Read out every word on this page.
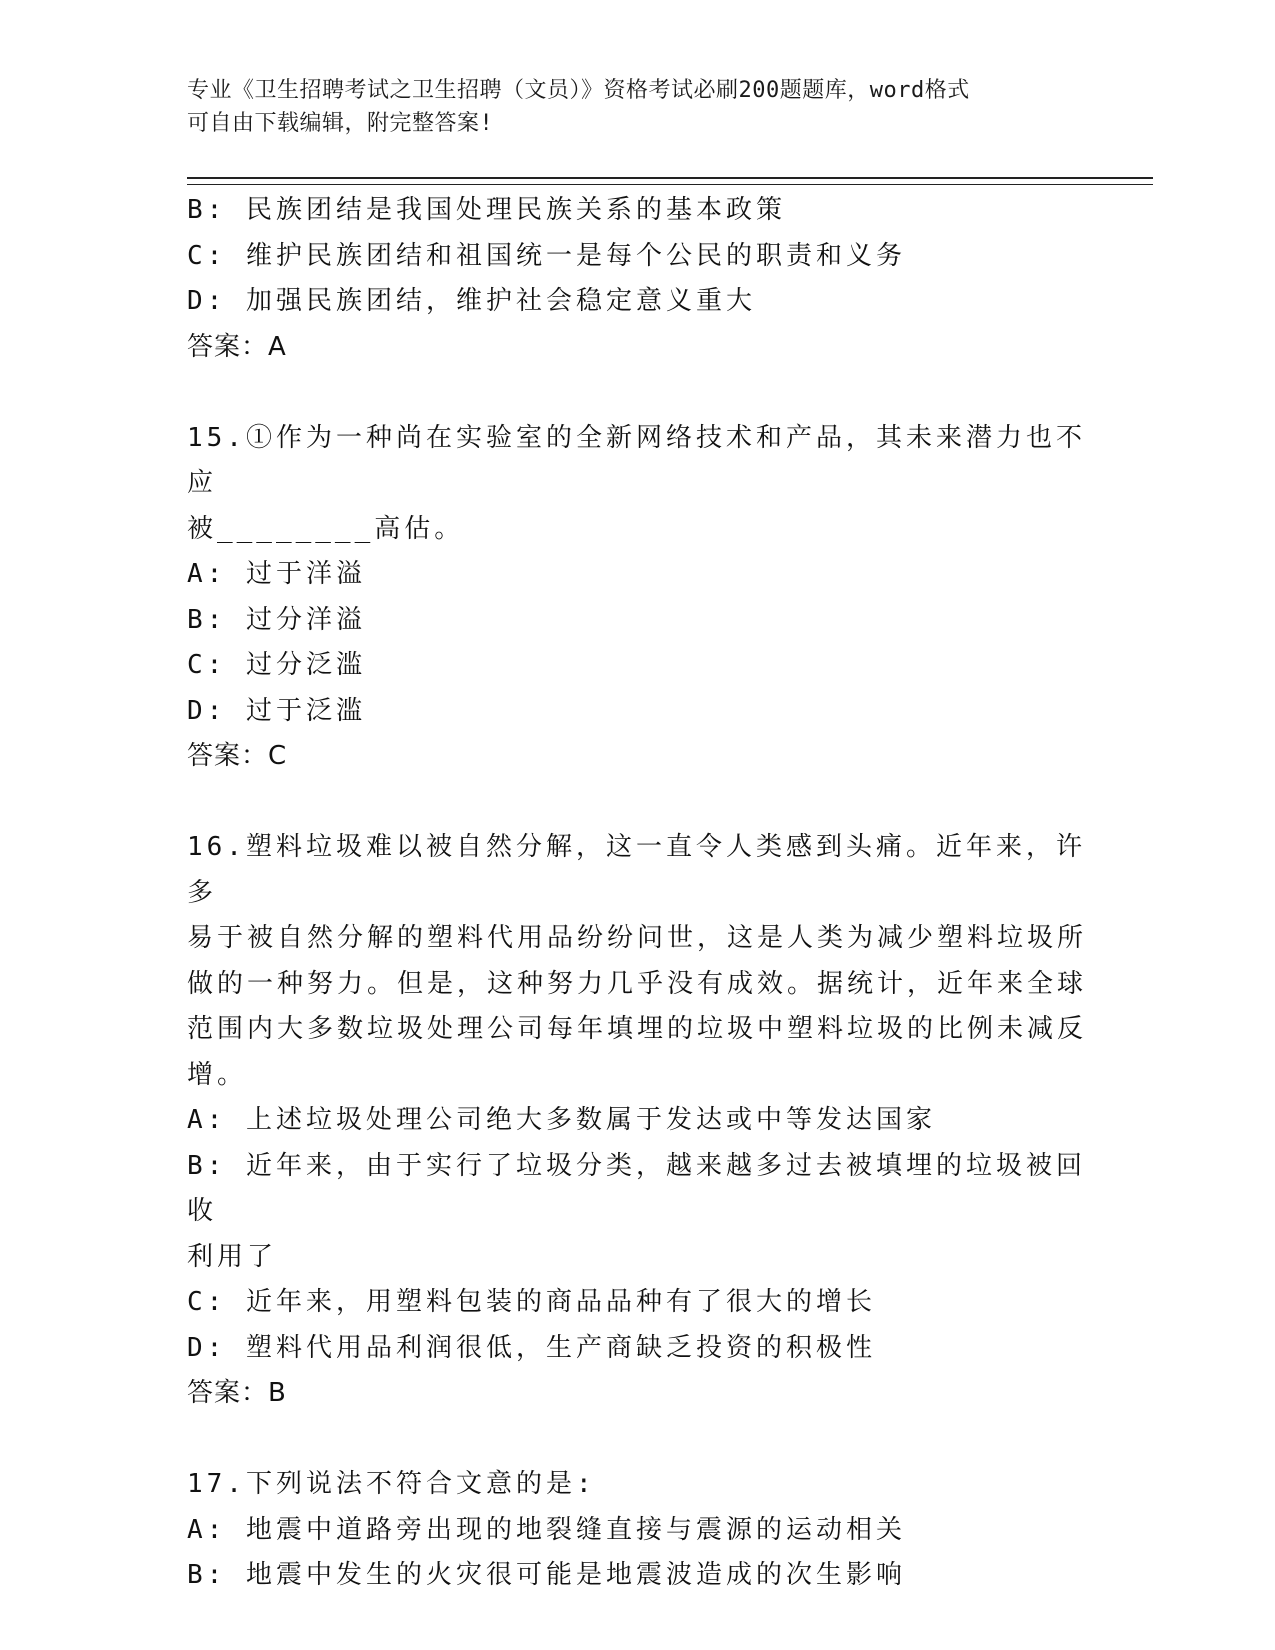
专业《卫生招聘考试之卫生招聘（文员）》资格考试必刷200题题库，word格式
可自由下载编辑，附完整答案!
B: 民族团结是我国处理民族关系的基本政策
C: 维护民族团结和祖国统一是每个公民的职责和义务
D: 加强民族团结，维护社会稳定意义重大
答案：A
15.①作为一种尚在实验室的全新网络技术和产品，其未来潜力也不应
被________高估。
A: 过于洋溢
B: 过分洋溢
C: 过分泛滥
D: 过于泛滥
答案：C
16.塑料垃圾难以被自然分解，这一直令人类感到头痛。近年来，许多
易于被自然分解的塑料代用品纷纷问世，这是人类为减少塑料垃圾所
做的一种努力。但是，这种努力几乎没有成效。据统计，近年来全球
范围内大多数垃圾处理公司每年填埋的垃圾中塑料垃圾的比例未减反
增。
A: 上述垃圾处理公司绝大多数属于发达或中等发达国家
B: 近年来，由于实行了垃圾分类，越来越多过去被填埋的垃圾被回收
利用了
C: 近年来，用塑料包装的商品品种有了很大的增长
D: 塑料代用品利润很低，生产商缺乏投资的积极性
答案：B
17.下列说法不符合文意的是:
A: 地震中道路旁出现的地裂缝直接与震源的运动相关
B: 地震中发生的火灾很可能是地震波造成的次生影响
